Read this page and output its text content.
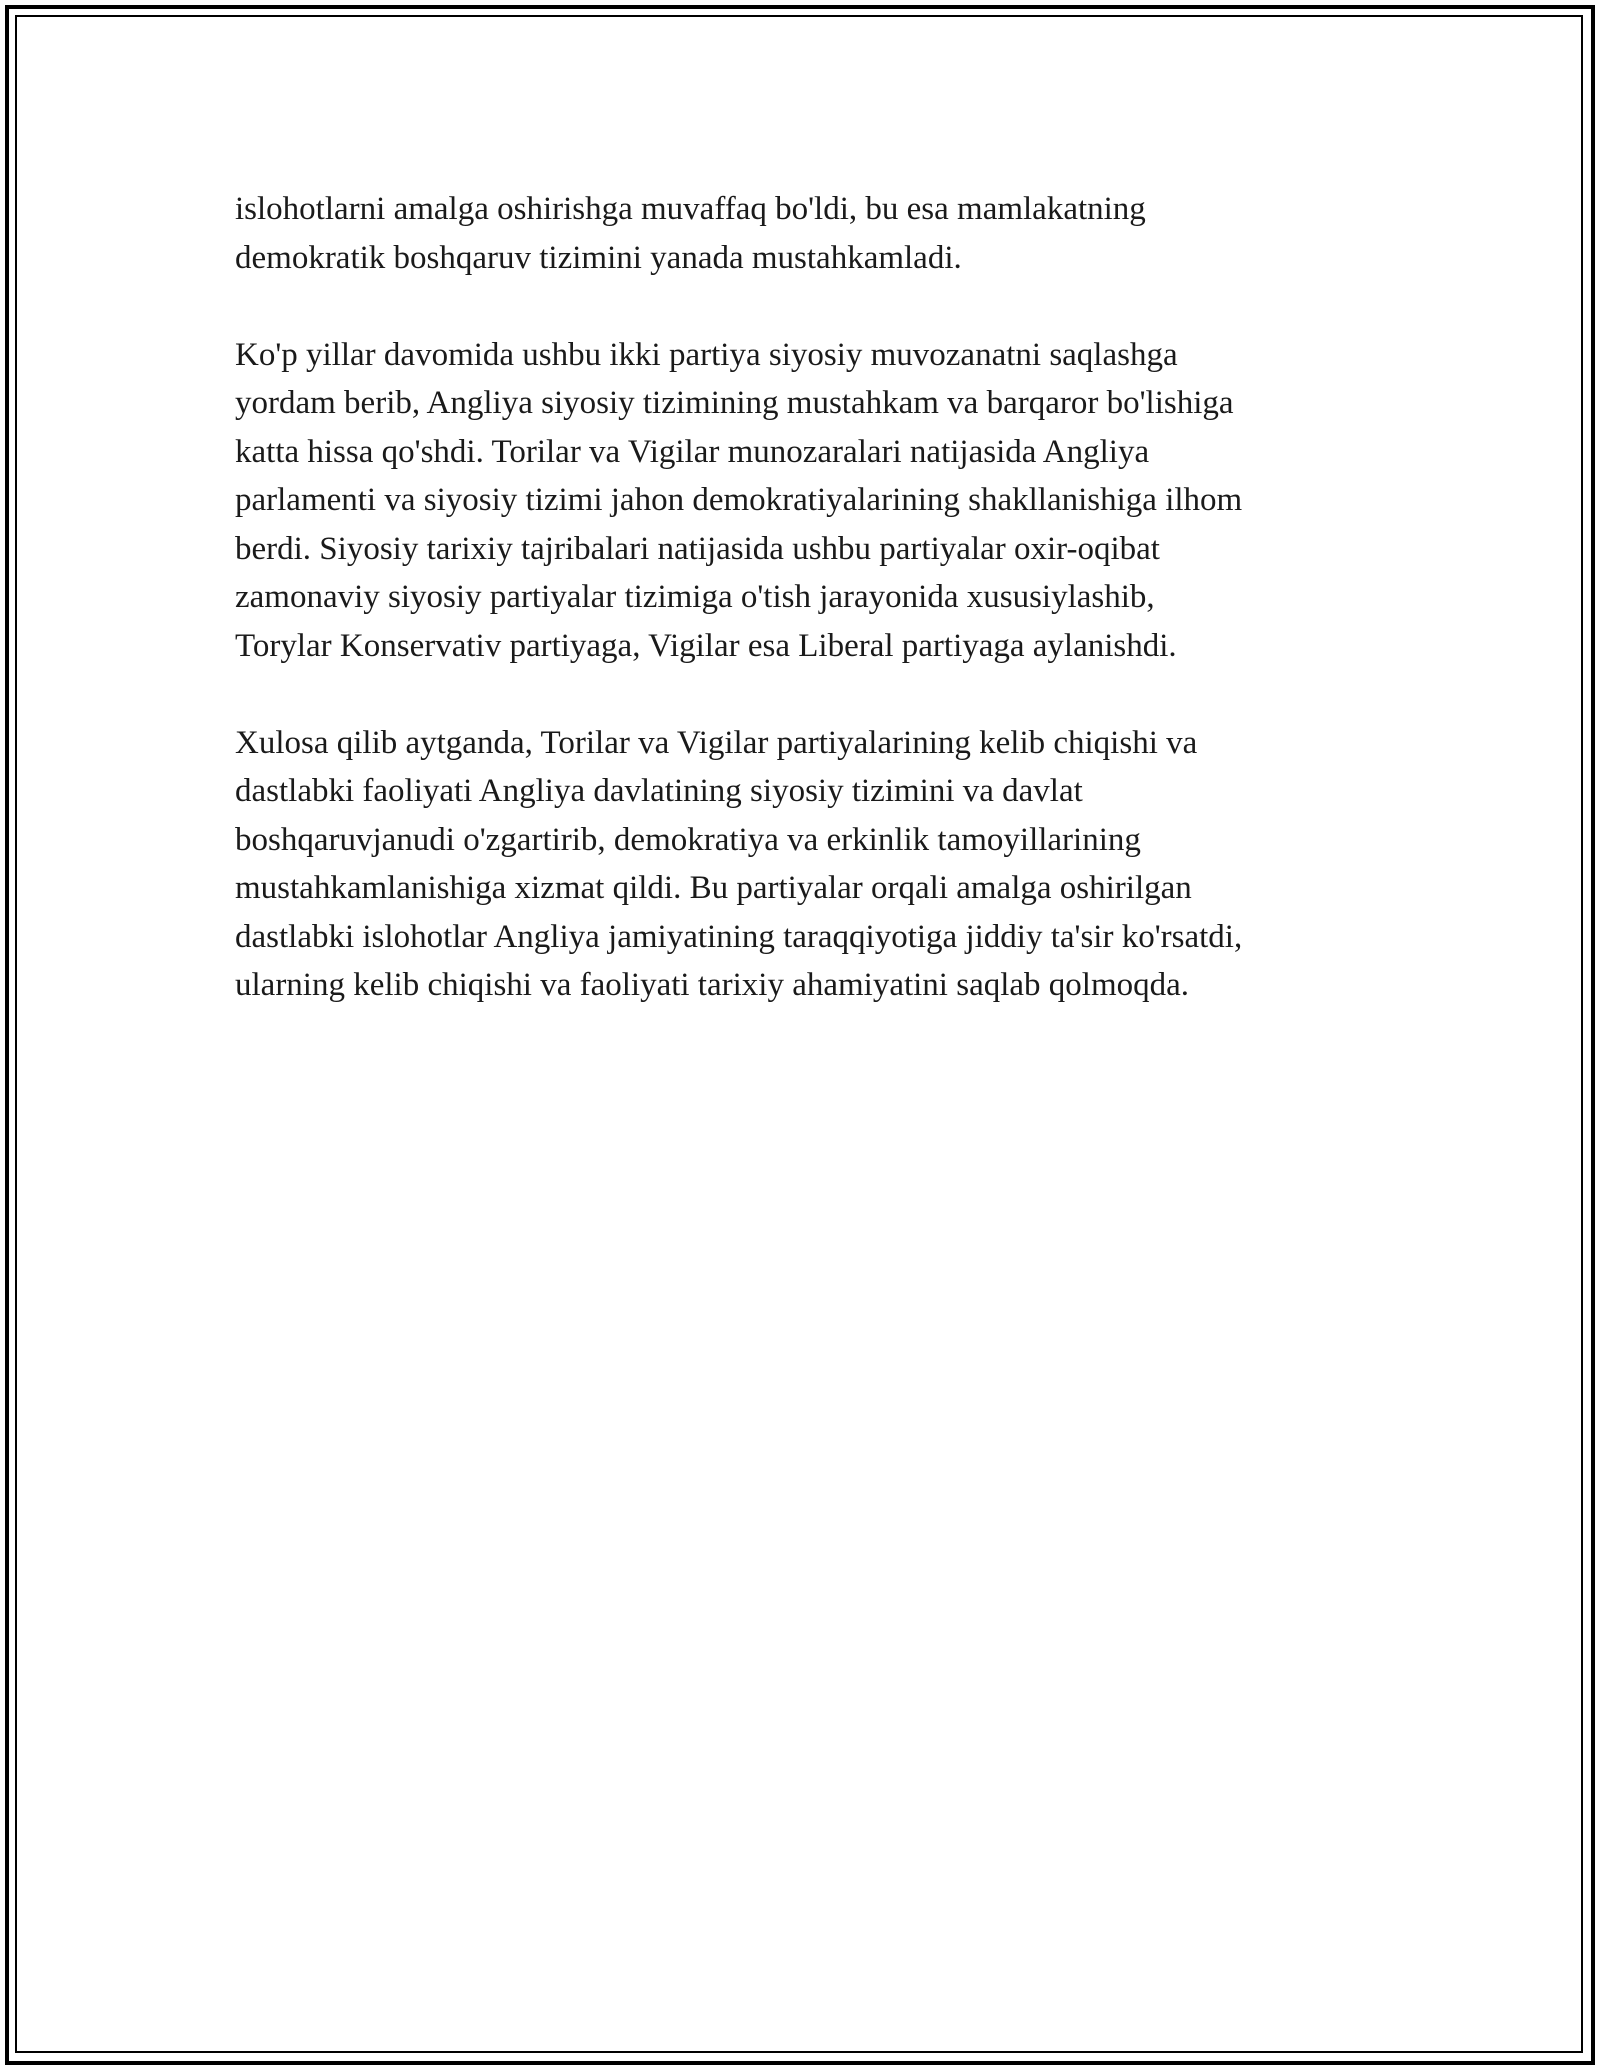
islohotlarni amalga oshirishga muvaffaq bo'ldi, bu esa mamlakatning
demokratik boshqaruv tizimini yanada mustahkamladi.

Ko'p yillar davomida ushbu ikki partiya siyosiy muvozanatni saqlashga
yordam berib, Angliya siyosiy tizimining mustahkam va barqaror bo'lishiga
katta hissa qo'shdi. Torilar va Vigilar munozaralari natijasida Angliya
parlamenti va siyosiy tizimi jahon demokratiyalarining shakllanishiga ilhom
berdi. Siyosiy tarixiy tajribalari natijasida ushbu partiyalar oxir-oqibat
zamonaviy siyosiy partiyalar tizimiga o'tish jarayonida xususiylashib,
Torylar Konservativ partiyaga, Vigilar esa Liberal partiyaga aylanishdi.

Xulosa qilib aytganda, Torilar va Vigilar partiyalarining kelib chiqishi va
dastlabki faoliyati Angliya davlatining siyosiy tizimini va davlat
boshqaruvjanudi o'zgartirib, demokratiya va erkinlik tamoyillarining
mustahkamlanishiga xizmat qildi. Bu partiyalar orqali amalga oshirilgan
dastlabki islohotlar Angliya jamiyatining taraqqiyotiga jiddiy ta'sir ko'rsatdi,
ularning kelib chiqishi va faoliyati tarixiy ahamiyatini saqlab qolmoqda.
